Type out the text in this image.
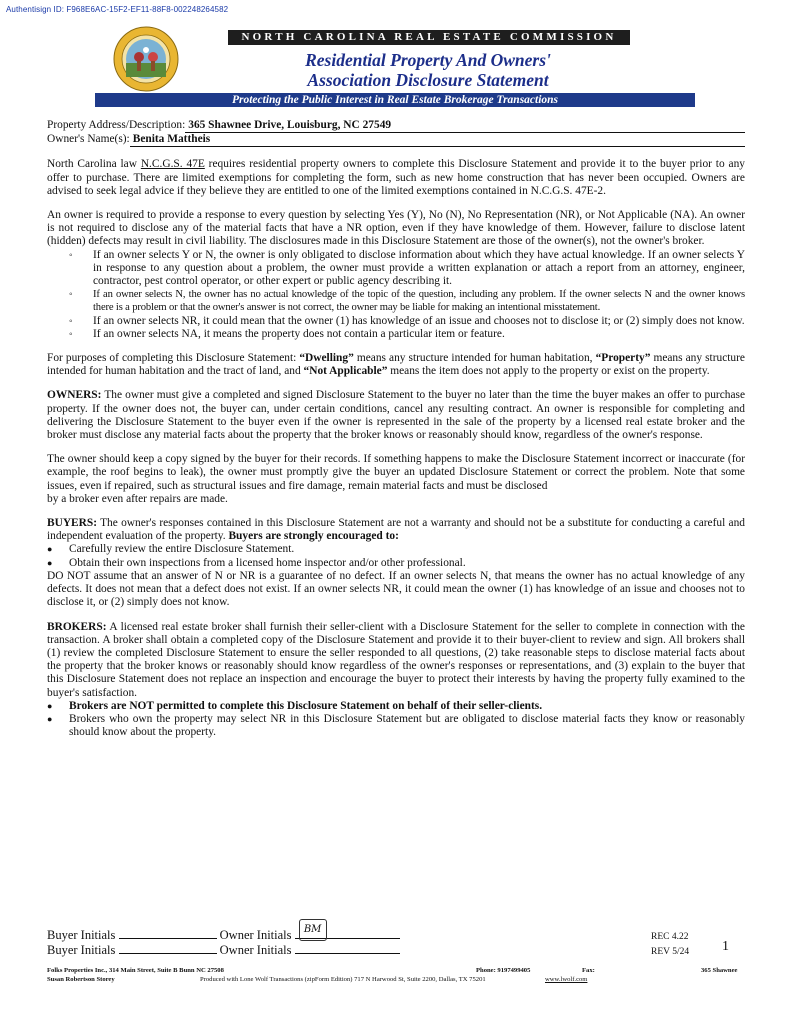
Authentisign ID: F968E6AC-15F2-EF11-88F8-002248264582
NORTH CAROLINA REAL ESTATE COMMISSION
Residential Property And Owners'
Association Disclosure Statement
Protecting the Public Interest in Real Estate Brokerage Transactions
Property Address/Description: 365 Shawnee Drive, Louisburg, NC 27549
Owner's Name(s): Benita Mattheis

North Carolina law N.C.G.S. 47E requires residential property owners to complete this Disclosure Statement and provide it to the buyer prior to any offer to purchase. There are limited exemptions for completing the form, such as new home construction that has never been occupied. Owners are advised to seek legal advice if they believe they are entitled to one of the limited exemptions contained in N.C.G.S. 47E-2.

An owner is required to provide a response to every question by selecting Yes (Y), No (N), No Representation (NR), or Not Applicable (NA). An owner is not required to disclose any of the material facts that have a NR option, even if they have knowledge of them. However, failure to disclose latent (hidden) defects may result in civil liability. The disclosures made in this Disclosure Statement are those of the owner(s), not the owner's broker.

◦ If an owner selects Y or N, the owner is only obligated to disclose information about which they have actual knowledge. If an owner selects Y in response to any question about a problem, the owner must provide a written explanation or attach a report from an attorney, engineer, contractor, pest control operator, or other expert or public agency describing it.
◦ If an owner selects N, the owner has no actual knowledge of the topic of the question, including any problem. If the owner selects N and the owner knows there is a problem or that the owner's answer is not correct, the owner may be liable for making an intentional misstatement.
◦ If an owner selects NR, it could mean that the owner (1) has knowledge of an issue and chooses not to disclose it; or (2) simply does not know.
◦ If an owner selects NA, it means the property does not contain a particular item or feature.

For purposes of completing this Disclosure Statement: “Dwelling” means any structure intended for human habitation, “Property” means any structure intended for human habitation and the tract of land, and “Not Applicable” means the item does not apply to the property or exist on the property.

OWNERS: The owner must give a completed and signed Disclosure Statement to the buyer no later than the time the buyer makes an offer to purchase property. If the owner does not, the buyer can, under certain conditions, cancel any resulting contract. An owner is responsible for completing and delivering the Disclosure Statement to the buyer even if the owner is represented in the sale of the property by a licensed real estate broker and the broker must disclose any material facts about the property that the broker knows or reasonably should know, regardless of the owner's response.

The owner should keep a copy signed by the buyer for their records. If something happens to make the Disclosure Statement incorrect or inaccurate (for example, the roof begins to leak), the owner must promptly give the buyer an updated Disclosure Statement or correct the problem. Note that some issues, even if repaired, such as structural issues and fire damage, remain material facts and must be disclosed

by a broker even after repairs are made.

BUYERS: The owner's responses contained in this Disclosure Statement are not a warranty and should not be a substitute for conducting a careful and independent evaluation of the property. Buyers are strongly encouraged to:

● Carefully review the entire Disclosure Statement.
● Obtain their own inspections from a licensed home inspector and/or other professional.

DO NOT assume that an answer of N or NR is a guarantee of no defect. If an owner selects N, that means the owner has no actual knowledge of any defects. It does not mean that a defect does not exist. If an owner selects NR, it could mean the owner (1) has knowledge of an issue and chooses not to disclose it, or (2) simply does not know.

BROKERS: A licensed real estate broker shall furnish their seller-client with a Disclosure Statement for the seller to complete in connection with the transaction. A broker shall obtain a completed copy of the Disclosure Statement and provide it to their buyer-client to review and sign. All brokers shall (1) review the completed Disclosure Statement to ensure the seller responded to all questions, (2) take reasonable steps to disclose material facts about the property that the broker knows or reasonably should know regardless of the owner's responses or representations, and (3) explain to the buyer that this Disclosure Statement does not replace an inspection and encourage the buyer to protect their interests by having the property fully examined to the buyer's satisfaction.

● Brokers are NOT permitted to complete this Disclosure Statement on behalf of their seller-clients.
● Brokers who own the property may select NR in this Disclosure Statement but are obligated to disclose material facts they know or reasonably should know about the property.
Buyer Initials	Owner Initials	BM
Buyer Initials	Owner Initials
REC 4.22
REV 5/24 1
Folks Properties Inc., 314 Main Street, Suite B Bunn NC 27508	Phone: 9197499405	Fax:	365 Shawnee
Susan Robertson Storey	Produced with Lone Wolf Transactions (zipForm Edition) 717 N Harwood St, Suite 2200, Dallas, TX 75201	www.lwolf.com
